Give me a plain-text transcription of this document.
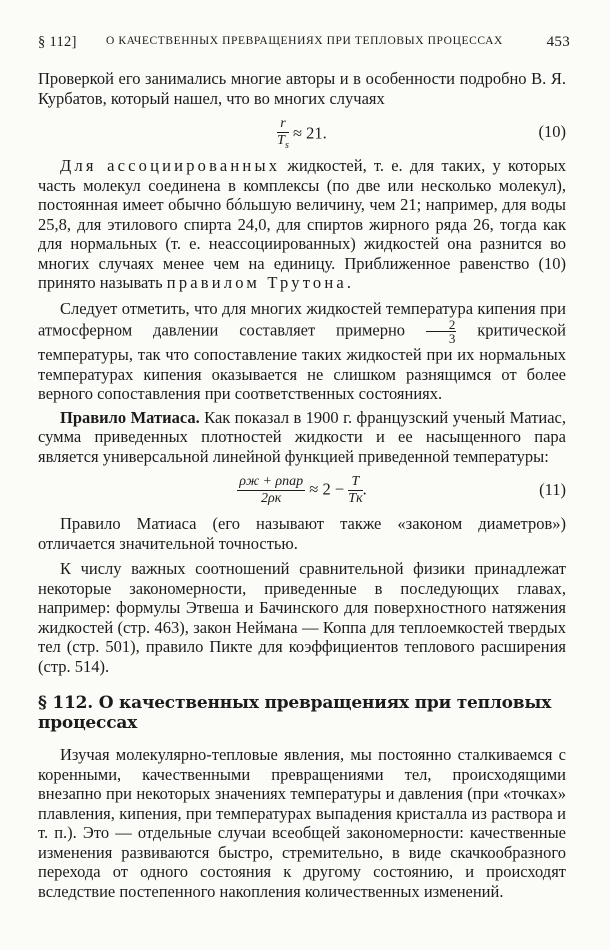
§ 112]	О КАЧЕСТВЕННЫХ ПРЕВРАЩЕНИЯХ ПРИ ТЕПЛОВЫХ ПРОЦЕССАХ	453

Проверкой его занимались многие авторы и в особенности подробно В. Я. Курбатов, который нашел, что во многих случаях

$\frac{r}{T_s} \approx 21$.	(10)

Для ассоциированных жидкостей, т. е. для таких, у которых часть молекул соединена в комплексы (по две или несколько молекул), постоянная имеет обычно бóльшую величину, чем 21; например, для воды 25,8, для этилового спирта 24,0, для спиртов жирного ряда 26, тогда как для нормальных (т. е. неассоциированных) жидкостей она разнится во многих случаях менее чем на единицу. Приближенное равенство (10) принято называть правилом Трутона.

Следует отметить, что для многих жидкостей температура кипения при атмосферном давлении составляет примерно $\frac{2}{3}$ критической температуры, так что сопоставление таких жидкостей при их нормальных температурах кипения оказывается не слишком разнящимся от более верного сопоставления при соответственных состояниях.

Правило Матиаса. Как показал в 1900 г. французский ученый Матиас, сумма приведенных плотностей жидкости и ее насыщенного пара является универсальной линейной функцией приведенной температуры:

$\frac{\text{ρж + ρпар}}{2\rho к} \approx 2 - \frac{T}{Tк}$ .	(11)

Правило Матиаса (его называют также «законом диаметров») отличается значительной точностью.

К числу важных соотношений сравнительной физики принадлежат некоторые закономерности, приведенные в последующих главах, например: формулы Этвеша и Бачинского для поверхностного натяжения жидкостей (стр. 463), закон Неймана — Коппа для теплоемкостей твердых тел (стр. 501), правило Пикте для коэффициентов теплового расширения (стр. 514).

§ 112. О качественных превращениях при тепловых процессах

Изучая молекулярно-тепловые явления, мы постоянно сталкиваемся с коренными, качественными превращениями тел, происходящими внезапно при некоторых значениях температуры и давления (при «точках» плавления, кипения, при температурах выпадения кристалла из раствора и т. п.). Это — отдельные случаи всеобщей закономерности: качественные изменения развиваются быстро, стремительно, в виде скачкообразного перехода от одного состояния к другому состоянию, и происходят вследствие постепенного накопления количественных изменений.
